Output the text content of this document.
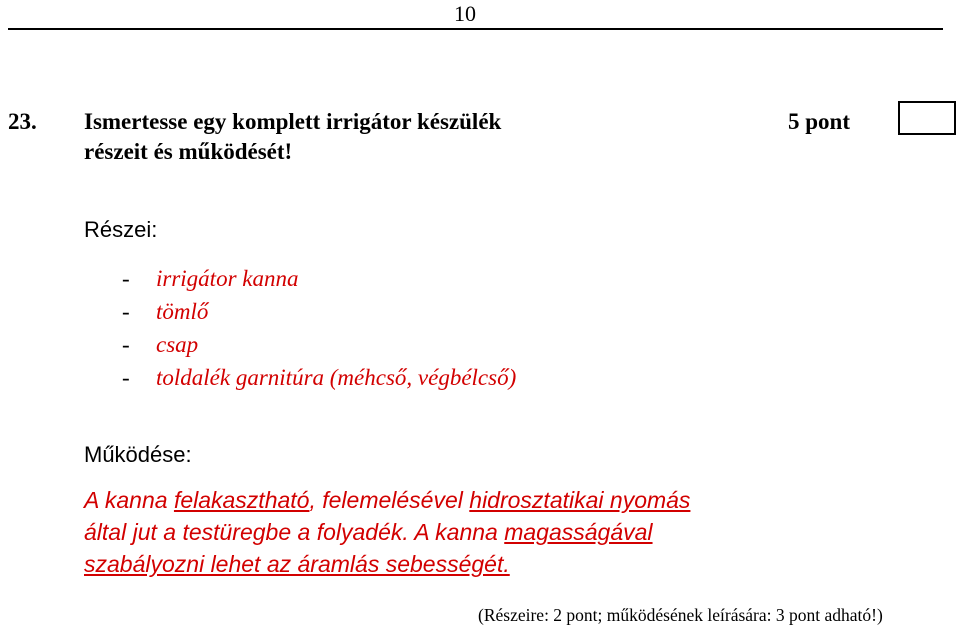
10
23. Ismertesse egy komplett irrigátor készülék
részeit és működését!
5 pont
Részei:
- irrigátor kanna
- tömlő
- csap
- toldalék garnitúra (méhcső, végbélcső)
Működése:
A kanna felakasztható, felemelésével hidrosztatikai nyomás
által jut a testüregbe a folyadék. A kanna magasságával
szabályozni lehet az áramlás sebességét.
(Részeire: 2 pont; működésének leírására: 3 pont adható!)
